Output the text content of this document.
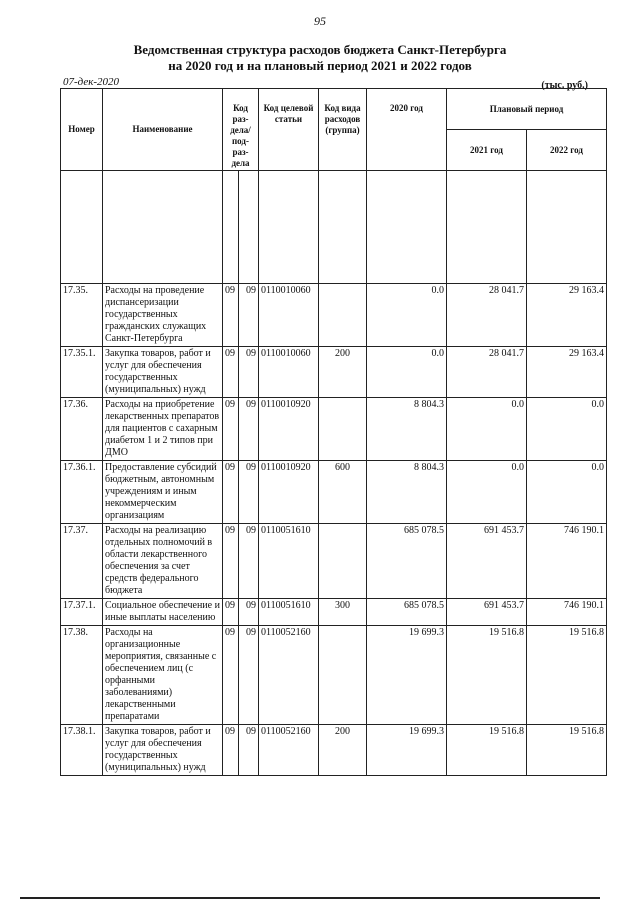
95
Ведомственная структура расходов бюджета Санкт-Петербурга
на 2020 год и на плановый период 2021 и 2022 годов
07-дек-2020	(тыс. руб.)
Номер	Наименование	Код раз- дела/ под- раз- дела		Код целевой статьи	Код вида расходов (группа)	2020 год	Плановый период	
							2021 год	2022 год

17.35.	Расходы на проведение диспансеризации государственных гражданских служащих Санкт-Петербурга	09	09	0110010060		0.0	28 041.7	29 163.4
17.35.1.	Закупка товаров, работ и услуг для обеспечения государственных (муниципальных) нужд	09	09	0110010060	200	0.0	28 041.7	29 163.4
17.36.	Расходы на приобретение лекарственных препаратов для пациентов с сахарным диабетом 1 и 2 типов при ДМО	09	09	0110010920		8 804.3	0.0	0.0
17.36.1.	Предоставление субсидий бюджетным, автономным учреждениям и иным некоммерческим организациям	09	09	0110010920	600	8 804.3	0.0	0.0
17.37.	Расходы на реализацию отдельных полномочий в области лекарственного обеспечения за счет средств федерального бюджета	09	09	0110051610		685 078.5	691 453.7	746 190.1
17.37.1.	Социальное обеспечение и иные выплаты населению	09	09	0110051610	300	685 078.5	691 453.7	746 190.1
17.38.	Расходы на организационные мероприятия, связанные с обеспечением лиц (с орфанными заболеваниями) лекарственными препаратами	09	09	0110052160		19 699.3	19 516.8	19 516.8
17.38.1.	Закупка товаров, работ и услуг для обеспечения государственных (муниципальных) нужд	09	09	0110052160	200	19 699.3	19 516.8	19 516.8
